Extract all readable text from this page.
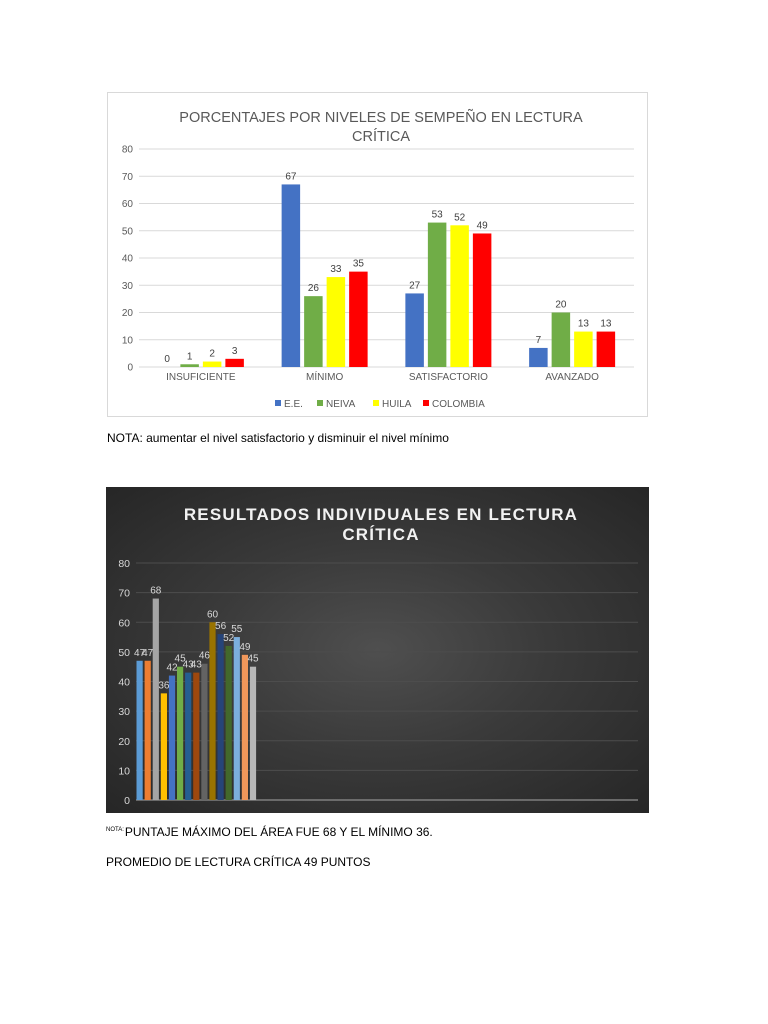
PORCENTAJES POR NIVELES DE SEMPEÑO EN LECTURA
CRÍTICA
0
10
20
30
40
50
60
70
80
0 1 2 3
67
26
33 35
27
53 52
49
7
20
13 13
INSUFICIENTE	MÍNIMO	SATISFACTORIO	AVANZADO
E.E. NEIVA	HUILA COLOMBIA

NOTA: aumentar el nivel satisfactorio y disminuir el nivel mínimo

RESULTADOS INDIVIDUALES EN LECTURA
CRÍTICA
0
10
20
30
40
50
60
70
80
47
47
68
36
42
45
43
43
46
60
56
52
55
49
45

$^{NOTA:}$PUNTAJE MÁXIMO DEL ÁREA FUE 68 Y EL MÍNIMO 36.

PROMEDIO DE LECTURA CRÍTICA 49 PUNTOS
